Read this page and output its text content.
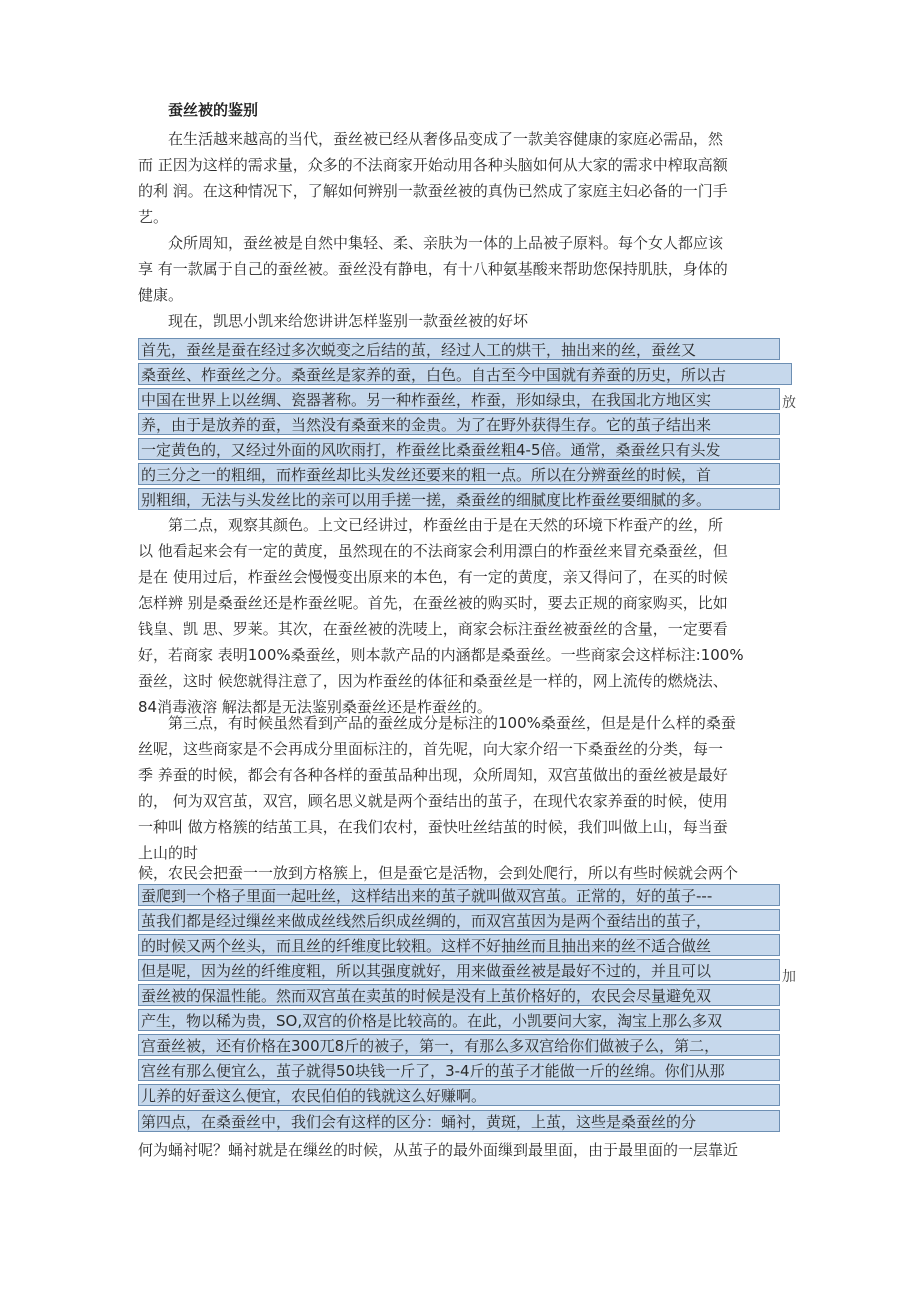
蚕丝被的鉴别
在生活越来越高的当代，蚕丝被已经从奢侈品变成了一款美容健康的家庭必需品，然
而 正因为这样的需求量，众多的不法商家开始动用各种头脑如何从大家的需求中榨取高额
的利 润。在这种情况下，了解如何辨别一款蚕丝被的真伪已然成了家庭主妇必备的一门手
艺。
众所周知，蚕丝被是自然中集轻、柔、亲肤为一体的上品被子原料。每个女人都应该
享 有一款属于自己的蚕丝被。蚕丝没有静电，有十八种氨基酸来帮助您保持肌肤，身体的
健康。
现在，凯思小凯来给您讲讲怎样鉴别一款蚕丝被的好坏
首先，蚕丝是蚕在经过多次蜕变之后结的茧，经过人工的烘干，抽出来的丝，蚕丝又
桑蚕丝、柞蚕丝之分。桑蚕丝是家养的蚕，白色。自古至今中国就有养蚕的历史，所以古
中国在世界上以丝绸、瓷器著称。另一种柞蚕丝，柞蚕，形如绿虫，在我国北方地区实
养，由于是放养的蚕，当然没有桑蚕来的金贵。为了在野外获得生存。它的茧子结出来
一定黄色的，又经过外面的风吹雨打，柞蚕丝比桑蚕丝粗4-5倍。通常，桑蚕丝只有头发
的三分之一的粗细，而柞蚕丝却比头发丝还要来的粗一点。所以在分辨蚕丝的时候，首
别粗细，无法与头发丝比的亲可以用手搓一搓，桑蚕丝的细腻度比柞蚕丝要细腻的多。
放
第二点，观察其颜色。上文已经讲过，柞蚕丝由于是在天然的环境下柞蚕产的丝，所
以 他看起来会有一定的黄度，虽然现在的不法商家会利用漂白的柞蚕丝来冒充桑蚕丝，但
是在 使用过后，柞蚕丝会慢慢变出原来的本色，有一定的黄度，亲又得问了，在买的时候
怎样辨 别是桑蚕丝还是柞蚕丝呢。首先，在蚕丝被的购买时，要去正规的商家购买，比如
钱皇、凯 思、罗莱。其次，在蚕丝被的洗唛上，商家会标注蚕丝被蚕丝的含量，一定要看
好，若商家 表明100%桑蚕丝，则本款产品的内涵都是桑蚕丝。一些商家会这样标注:100%
蚕丝，这时 候您就得注意了，因为柞蚕丝的体征和桑蚕丝是一样的，网上流传的燃烧法、
84消毒液溶 解法都是无法鉴别桑蚕丝还是柞蚕丝的。
第三点，有时候虽然看到产品的蚕丝成分是标注的100%桑蚕丝，但是是什么样的桑蚕
丝呢，这些商家是不会再成分里面标注的，首先呢，向大家介绍一下桑蚕丝的分类，每一
季 养蚕的时候，都会有各种各样的蚕茧品种出现，众所周知，双宫茧做出的蚕丝被是最好
的， 何为双宫茧，双宫，顾名思义就是两个蚕结出的茧子，在现代农家养蚕的时候，使用
一种叫 做方格簇的结茧工具，在我们农村，蚕快吐丝结茧的时候，我们叫做上山，每当蚕
上山的时
候，农民会把蚕一一放到方格簇上，但是蚕它是活物，会到处爬行，所以有些时候就会两个
蚕爬到一个格子里面一起吐丝，这样结出来的茧子就叫做双宫茧。正常的，好的茧子---
茧我们都是经过缫丝来做成丝线然后织成丝绸的，而双宫茧因为是两个蚕结出的茧子，
的时候又两个丝头，而且丝的纤维度比较粗。这样不好抽丝而且抽出来的丝不适合做丝
但是呢，因为丝的纤维度粗，所以其强度就好，用来做蚕丝被是最好不过的，并且可以
蚕丝被的保温性能。然而双宫茧在卖茧的时候是没有上茧价格好的，农民会尽量避免双
产生，物以稀为贵，SO,双宫的价格是比较高的。在此，小凯要问大家，淘宝上那么多双
宫蚕丝被，还有价格在300兀8斤的被子，第一，有那么多双宫给你们做被子么，第二，
宫丝有那么便宜么，茧子就得50块钱一斤了，3-4斤的茧子才能做一斤的丝绵。你们从那
儿养的好蚕这么便宜，农民伯伯的钱就这么好赚啊。
加
第四点，在桑蚕丝中，我们会有这样的区分：蛹衬，黄斑，上茧，这些是桑蚕丝的分
何为蛹衬呢？蛹衬就是在缫丝的时候，从茧子的最外面缫到最里面，由于最里面的一层靠近
